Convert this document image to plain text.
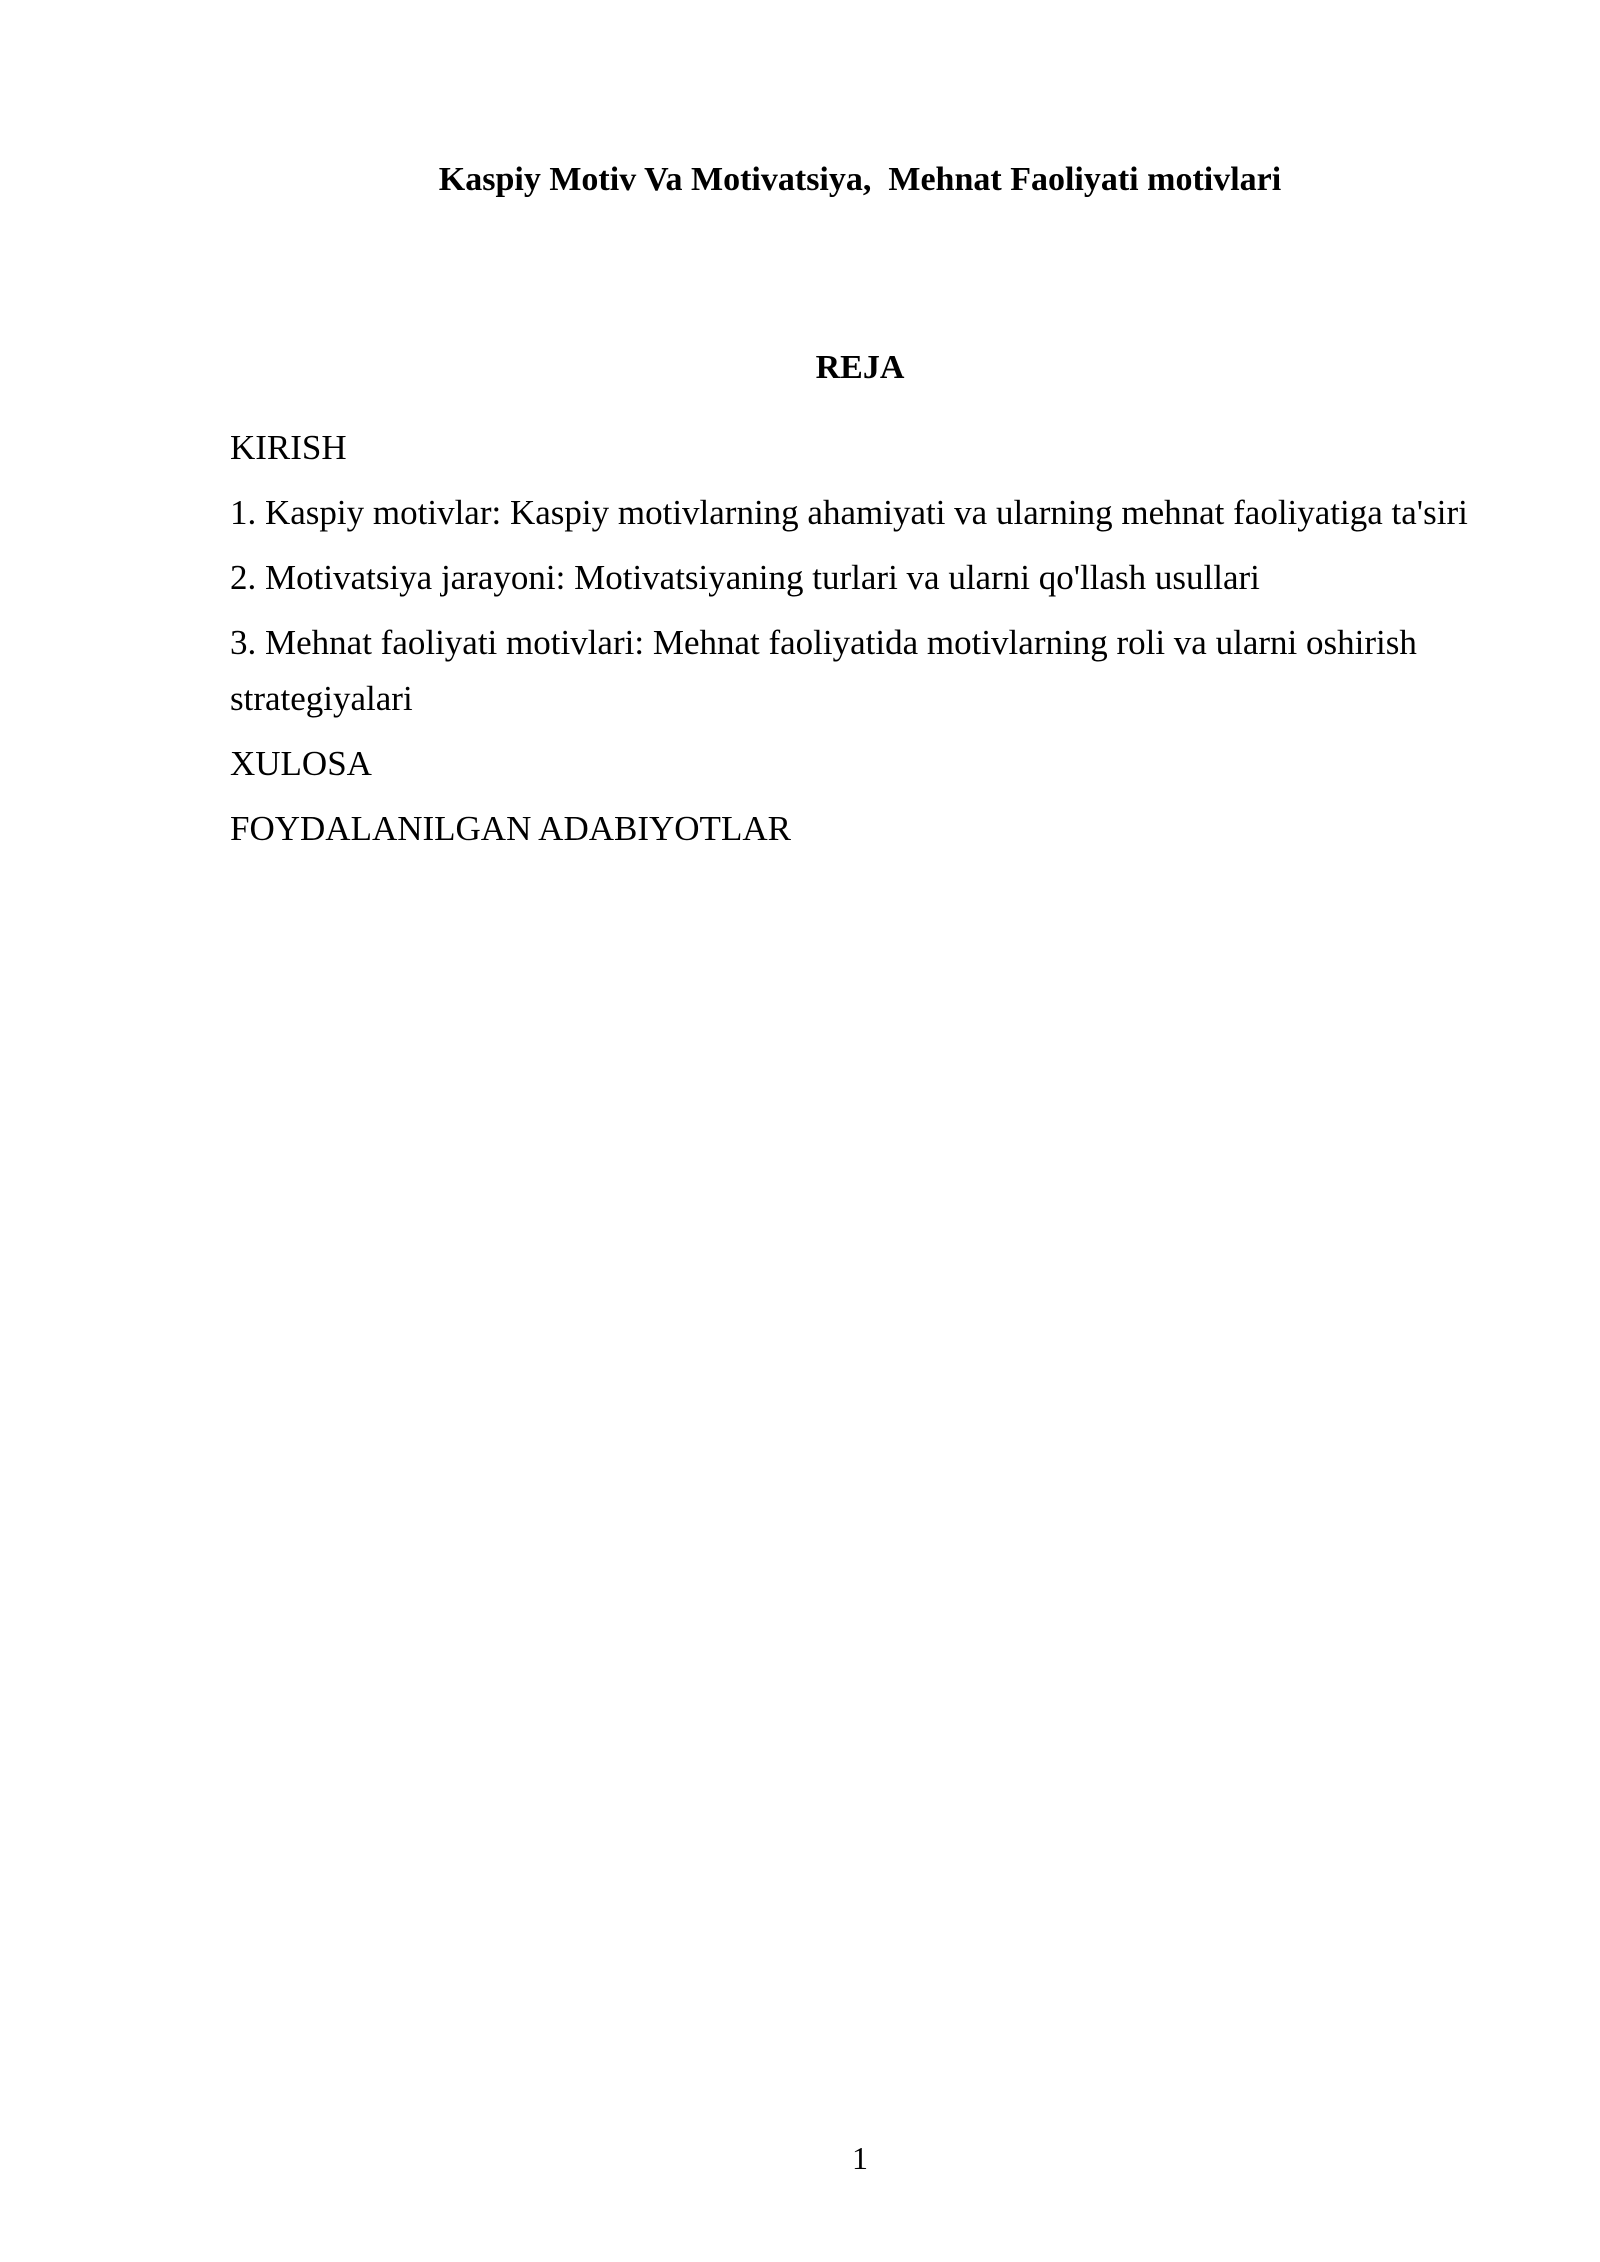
Kaspiy Motiv Va Motivatsiya,  Mehnat Faoliyati motivlari
REJA
KIRISH
1. Kaspiy motivlar: Kaspiy motivlarning ahamiyati va ularning mehnat faoliyatiga ta'siri
2. Motivatsiya jarayoni: Motivatsiyaning turlari va ularni qo'llash usullari
3. Mehnat faoliyati motivlari: Mehnat faoliyatida motivlarning roli va ularni oshirish strategiyalari
XULOSA
FOYDALANILGAN ADABIYOTLAR
1
